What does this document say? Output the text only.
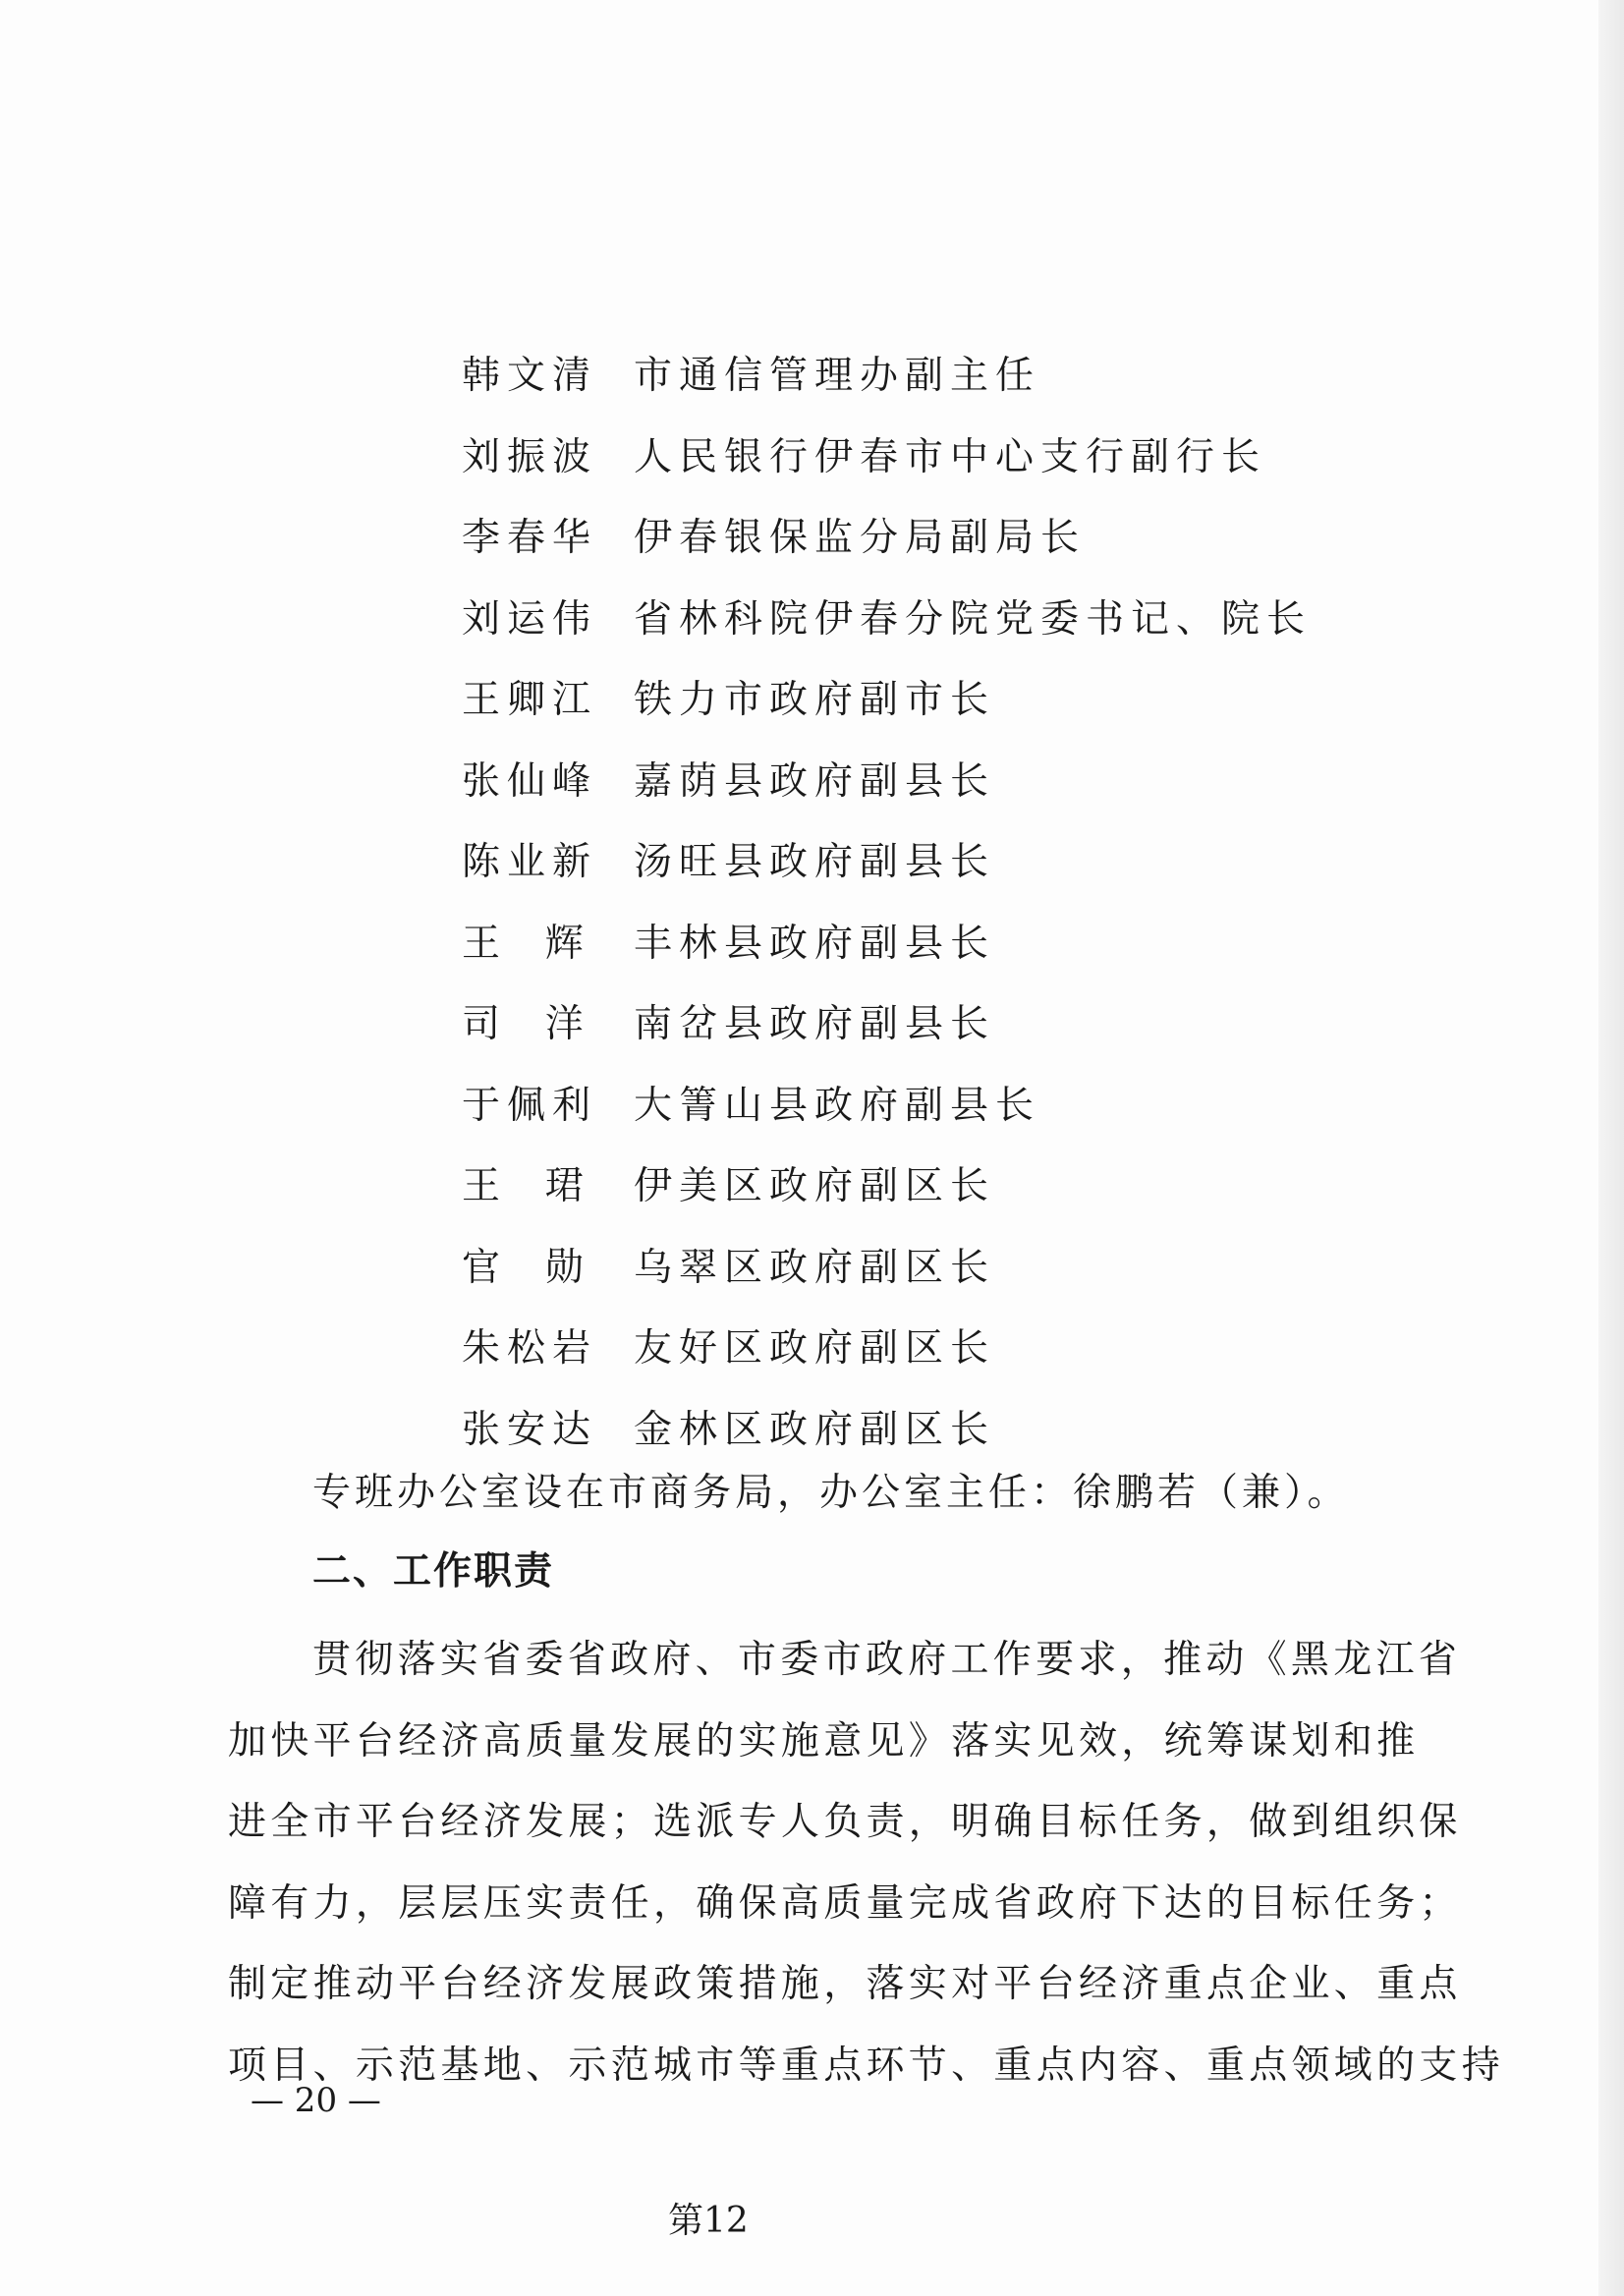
韩文清 市通信管理办副主任
刘振波 人民银行伊春市中心支行副行长
李春华 伊春银保监分局副局长
刘运伟 省林科院伊春分院党委书记、院长
王卿江 铁力市政府副市长
张仙峰 嘉荫县政府副县长
陈业新 汤旺县政府副县长
王  辉	丰林县政府副县长
司  洋	南岔县政府副县长
于佩利 大箐山县政府副县长
王  珺	伊美区政府副区长
官  勋	乌翠区政府副区长
朱松岩 友好区政府副区长
张安达 金林区政府副区长
专班办公室设在市商务局，办公室主任：徐鹏若（兼）。
二、工作职责
贯彻落实省委省政府、市委市政府工作要求，推动《黑龙江省
加快平台经济高质量发展的实施意见》落实见效，统筹谋划和推
进全市平台经济发展；选派专人负责，明确目标任务，做到组织保
障有力，层层压实责任，确保高质量完成省政府下达的目标任务；
制定推动平台经济发展政策措施，落实对平台经济重点企业、重点
项目、示范基地、示范城市等重点环节、重点内容、重点领域的支持
— 20 —
第12
